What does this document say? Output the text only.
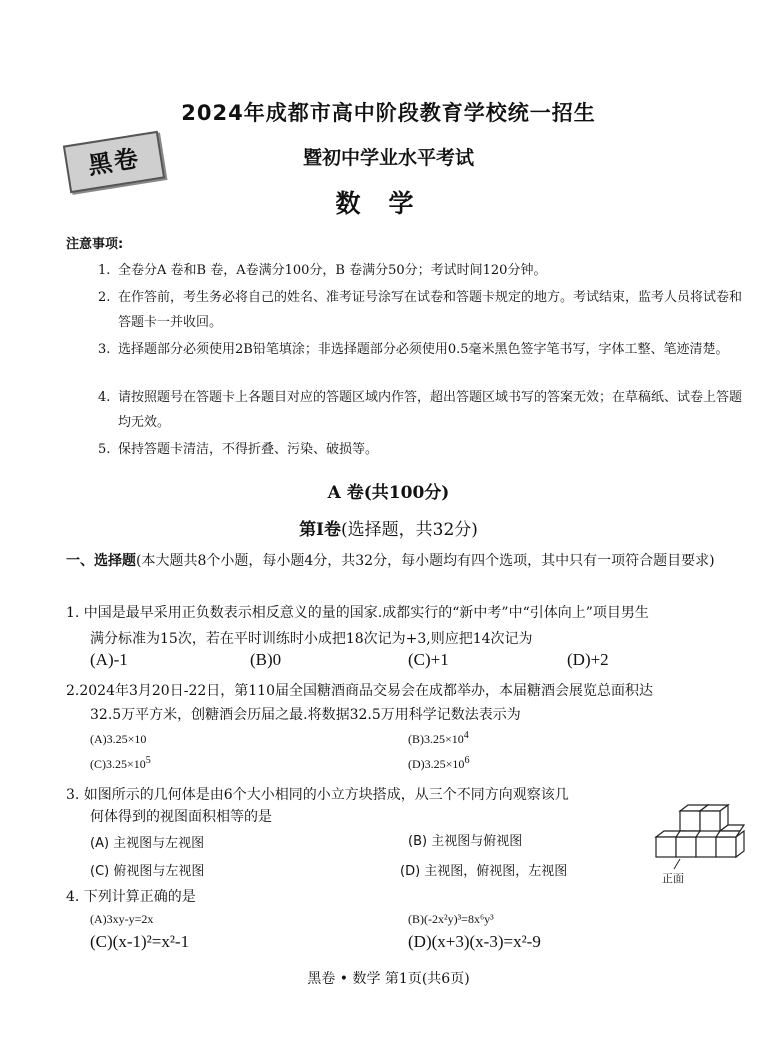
2024年成都市高中阶段教育学校统一招生
黑卷	暨初中学业水平考试
数学
注意事项:
1. 全卷分A 卷和B 卷，A卷满分100分，B 卷满分50分；考试时间120分钟。
2. 在作答前，考生务必将自己的姓名、准考证号涂写在试卷和答题卡规定的地方。考试结束，监考人员将试卷和答题卡一并收回。
3. 选择题部分必须使用2B铅笔填涂；非选择题部分必须使用0.5毫米黑色签字笔书写，字体工整、笔迹清楚。
4. 请按照题号在答题卡上各题目对应的答题区域内作答，超出答题区域书写的答案无效；在草稿纸、试卷上答题均无效。
5. 保持答题卡清洁，不得折叠、污染、破损等。
A 卷(共100分)
第I卷(选择题，共32分)
一、选择题(本大题共8个小题，每小题4分，共32分，每小题均有四个选项，其中只有一项符合题目要求)
1. 中国是最早采用正负数表示相反意义的量的国家.成都实行的“新中考”中“引体向上”项目男生
满分标准为15次，若在平时训练时小成把18次记为+3,则应把14次记为
(A)-1	(B)0	(C)+1	(D)+2
2.2024年3月20日-22日，第110届全国糖酒商品交易会在成都举办，本届糖酒会展览总面积达
32.5万平方米，创糖酒会历届之最.将数据32.5万用科学记数法表示为
(A)3.25×10	$(B)3.25\times 10^4$
$(C)3.25\times 10^5$	$(D)3.25\times 10^6$
3. 如图所示的几何体是由6个大小相同的小立方块搭成，从三个不同方向观察该几
何体得到的视图面积相等的是
(A) 主视图与左视图	(B) 主视图与俯视图
(C) 俯视图与左视图	(D) 主视图，俯视图，左视图	正面
4. 下列计算正确的是
(A)3xy-y=2x	(B)(-2x²y)³=8x⁶y³
(C)(x-1)²=x²-1	(D)(x+3)(x-3)=x²-9
黑卷 • 数学 第1页(共6页)
